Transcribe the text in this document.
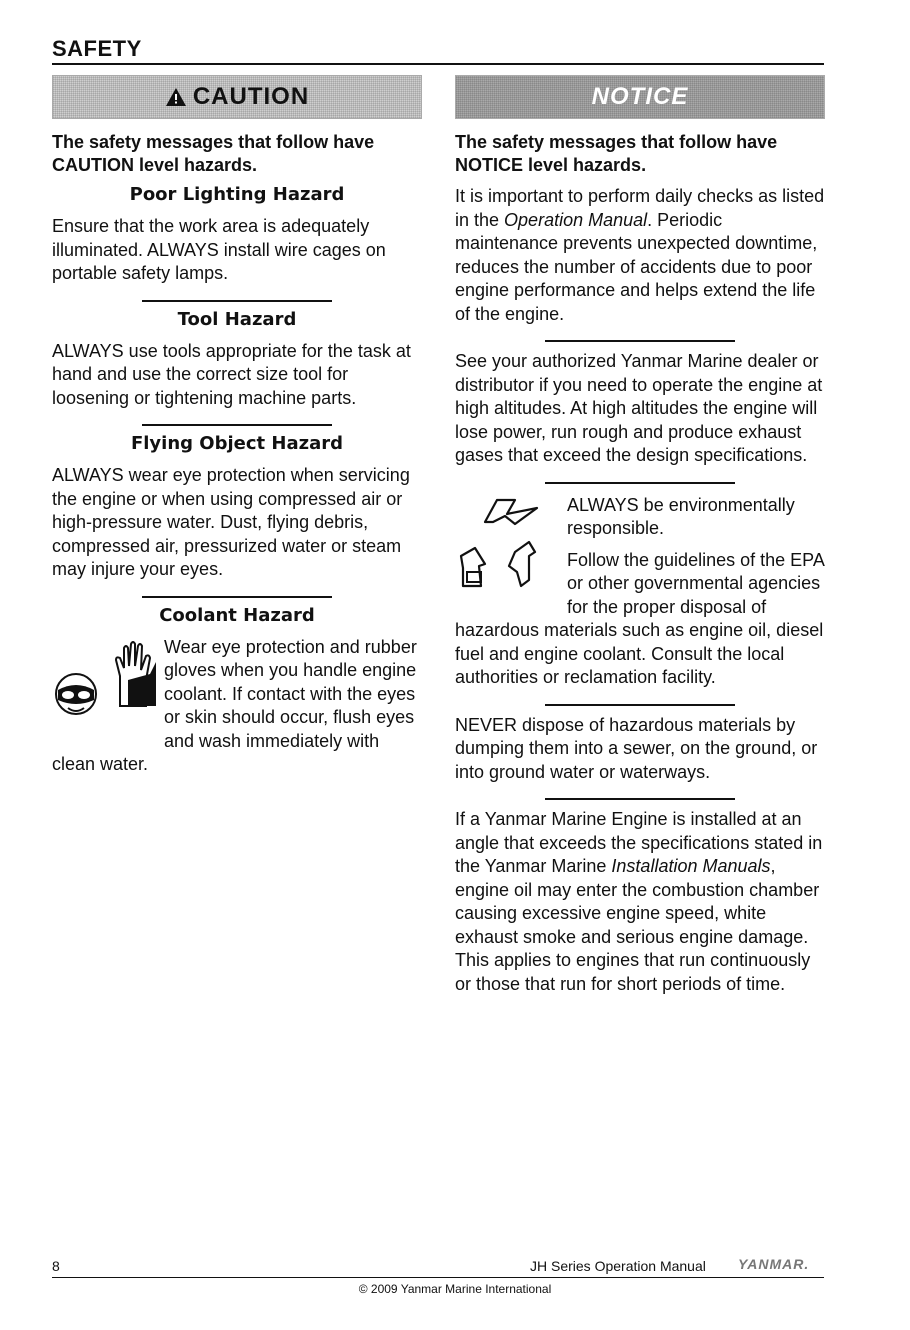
SAFETY
CAUTION
The safety messages that follow have CAUTION level hazards.
Poor Lighting Hazard
Ensure that the work area is adequately illuminated. ALWAYS install wire cages on portable safety lamps.
Tool Hazard
ALWAYS use tools appropriate for the task at hand and use the correct size tool for loosening or tightening machine parts.
Flying Object Hazard
ALWAYS wear eye protection when servicing the engine or when using compressed air or high-pressure water. Dust, flying debris, compressed air, pressurized water or steam may injure your eyes.
Coolant Hazard
Wear eye protection and rubber gloves when you handle engine coolant. If contact with the eyes or skin should occur, flush eyes and wash immediately with clean water.
NOTICE
The safety messages that follow have NOTICE level hazards.
It is important to perform daily checks as listed in the Operation Manual. Periodic maintenance prevents unexpected downtime, reduces the number of accidents due to poor engine performance and helps extend the life of the engine.
See your authorized Yanmar Marine dealer or distributor if you need to operate the engine at high altitudes. At high altitudes the engine will lose power, run rough and produce exhaust gases that exceed the design specifications.
ALWAYS be environmentally responsible.
Follow the guidelines of the EPA or other governmental agencies for the proper disposal of hazardous materials such as engine oil, diesel fuel and engine coolant. Consult the local authorities or reclamation facility.
NEVER dispose of hazardous materials by dumping them into a sewer, on the ground, or into ground water or waterways.
If a Yanmar Marine Engine is installed at an angle that exceeds the specifications stated in the Yanmar Marine Installation Manuals, engine oil may enter the combustion chamber causing excessive engine speed, white exhaust smoke and serious engine damage. This applies to engines that run continuously or those that run for short periods of time.
8	JH Series Operation Manual YANMAR.
© 2009 Yanmar Marine International
